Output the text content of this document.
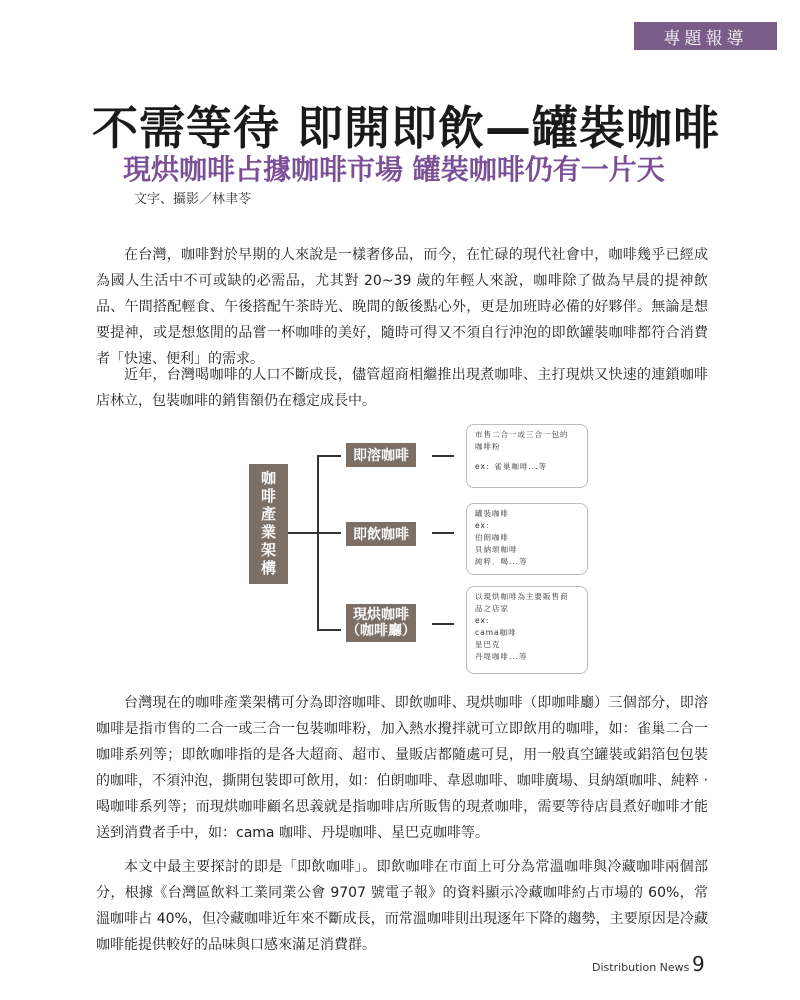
專題報導
不需等待 即開即飲—罐裝咖啡
現烘咖啡占據咖啡市場 罐裝咖啡仍有一片天
文字、攝影／林聿苓

在台灣，咖啡對於早期的人來說是一樣奢侈品，而今，在忙碌的現代社會中，咖啡幾乎已經成為國人生活中不可或缺的必需品，尤其對 20~39 歲的年輕人來說，咖啡除了做為早晨的提神飲品、午間搭配輕食、午後搭配午茶時光、晚間的飯後點心外，更是加班時必備的好夥伴。無論是想要提神，或是想悠閒的品嘗一杯咖啡的美好，隨時可得又不須自行沖泡的即飲罐裝咖啡都符合消費者「快速、便利」的需求。

近年，台灣喝咖啡的人口不斷成長，儘管超商相繼推出現煮咖啡、主打現烘又快速的連鎖咖啡店林立，包裝咖啡的銷售額仍在穩定成長中。

咖啡產業架構
即溶咖啡
即飲咖啡
現烘咖啡
（咖啡廳）
市售二合一或三合一包的
咖啡粉
ex：雀巢咖啡...等
罐裝咖啡
ex：
伯朗咖啡
貝納頌咖啡
純粹．喝...等
以現烘咖啡為主要販售商
品之店家
ex:
cama咖啡
星巴克
丹堤咖啡...等

台灣現在的咖啡產業架構可分為即溶咖啡、即飲咖啡、現烘咖啡（即咖啡廳）三個部分，即溶咖啡是指市售的二合一或三合一包裝咖啡粉，加入熱水攪拌就可立即飲用的咖啡，如：雀巢二合一咖啡系列等；即飲咖啡指的是各大超商、超市、量販店都隨處可見，用一般真空罐裝或鋁箔包包裝的咖啡，不須沖泡，撕開包裝即可飲用，如：伯朗咖啡、韋恩咖啡、咖啡廣場、貝納頌咖啡、純粹 ‧ 喝咖啡系列等；而現烘咖啡顧名思義就是指咖啡店所販售的現煮咖啡，需要等待店員煮好咖啡才能送到消費者手中，如：cama 咖啡、丹堤咖啡、星巴克咖啡等。

本文中最主要探討的即是「即飲咖啡」。即飲咖啡在市面上可分為常溫咖啡與冷藏咖啡兩個部分，根據《台灣區飲料工業同業公會 9707 號電子報》的資料顯示冷藏咖啡約占市場的 60%，常溫咖啡占 40%，但冷藏咖啡近年來不斷成長，而常溫咖啡則出現逐年下降的趨勢，主要原因是冷藏咖啡能提供較好的品味與口感來滿足消費群。

Distribution News 9
